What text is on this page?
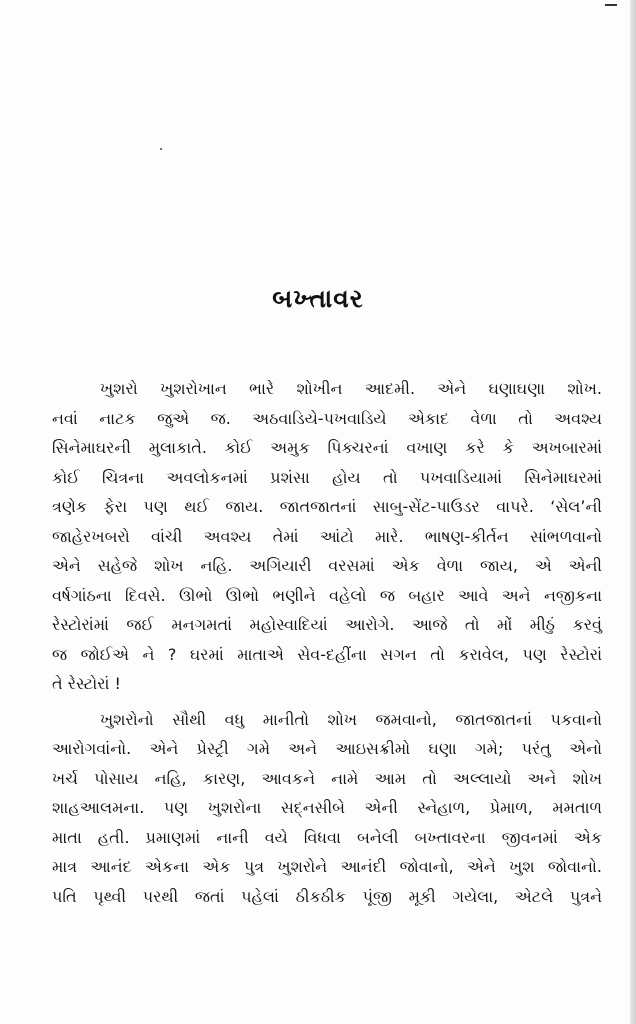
બખ્તાવર
ખુશરો ખુશરોખાન ભારે શોખીન આદમી. એને ઘણાઘણા શોખ.
નવાં નાટક જુએ જ. અઠવાડિયે-પખવાડિયે એકાદ વેળા તો અવશ્ય
સિનેમાઘરની મુલાકાતે. કોઈ અમુક પિક્ચરનાં વખાણ કરે કે અખબારમાં
કોઈ ચિત્રના અવલોકનમાં પ્રશંસા હોય તો પખવાડિયામાં સિનેમાઘરમાં
ત્રણેક ફેરા પણ થઈ જાય. જાતજાતનાં સાબુ-સેંટ-પાઉડર વાપરે. ‘સેલ’ની
જાહેરખબરો વાંચી અવશ્ય તેમાં આંટો મારે. ભાષણ-કીર્તન સાંભળવાનો
એને સહેજે શોખ નહિ. અગિયારી વરસમાં એક વેળા જાય, એ એની
વર્ષગાંઠના દિવસે. ઊભો ઊભો ભણીને વહેલો જ બહાર આવે અને નજીકના
રેસ્ટોરાંમાં જઈ મનગમતાં મહોસ્વાદિયાં આરોગે. આજે તો મોં મીઠું કરવું
જ જોઈએ ને ? ઘરમાં માતાએ સેવ-દહીંના સગન તો કરાવેલ, પણ રેસ્ટોરાં
તે રેસ્ટોરાં !
ખુશરોનો સૌથી વધુ માનીતો શોખ જમવાનો, જાતજાતનાં પકવાનો
આરોગવાંનો. એને પ્રેસ્ટ્રી ગમે અને આઇસક્રીમો ઘણા ગમે; પરંતુ એનો
ખર્ચ પોસાય નહિ, કારણ, આવકને નામે આમ તો અલ્લાયો અને શોખ
શાહઆલમના. પણ ખુશરોના સદ્નસીબે એની સ્નેહાળ, પ્રેમાળ, મમતાળ
માતા હતી. પ્રમાણમાં નાની વયે વિધવા બનેલી બખ્તાવરના જીવનમાં એક
માત્ર આનંદ એકના એક પુત્ર ખુશરોને આનંદી જોવાનો, એને ખુશ જોવાનો.
પતિ પૃથ્વી પરથી જતાં પહેલાં ઠીકઠીક પૂંજી મૂકી ગયેલા, એટલે પુત્રને
